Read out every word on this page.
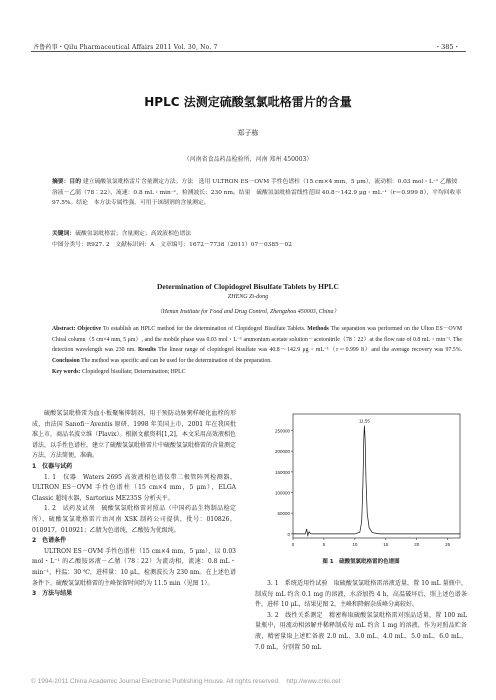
齐鲁药事・Qilu Pharmaceutical Affairs 2011 Vol. 30, No. 7	・385・
HPLC 法测定硫酸氢氯吡格雷片的含量
郑子栋
（河南省食品药品检验所，河南 郑州 450003）
摘要：目的 建立硫酸氢氯吡格雷片含量测定方法。方法　选用 ULTRON ES－OVM 手性色谱柱（15 cm×4 mm，5 μm），流动相：0.03 mol・L⁻¹ 乙酸铵溶液－乙腈（78∶22），流速：0.8 mL・min⁻¹，检测波长：230 nm。结果　硫酸氢氯吡格雷线性范围 40.8～142.9 μg・mL⁻¹（r＝0.999 8），平均回收率 97.5%。结论　本方法专属性强，可用于该制剂的含量测定。
关键词：硫酸氢氯吡格雷；含量测定；高效液相色谱法
中图分类号：R927. 2　文献标识码：A　文章编号：1672－7738（2011）07－0385－02
Determination of Clopidogrel Bisulfate Tablets by HPLC
ZHENG Zi-dong
（Henan Institute for Food and Drug Control, Zhengzhou 450003, China）
Abstract: Objective To establish an HPLC method for the determination of Clopidogrel Bisulfate Tablets. Methods The separation was performed on the Ulton ES－OVM Chiral column（5 cm×4 mm, 5 μm）, and the mobile phase was 0.03 mol・L⁻¹ ammonium acetate solution－acetonitrile（78∶22）at the flow rate of 0.8 mL・min⁻¹. The detection wavelength was 230 nm. Results The linear range of clopidogrel bisulfate was 40.8～142.9 μg・mL⁻¹（r＝0.999 8）and the average recovery was 97.5%. Conclusion The method was specific and can be used for the determination of the preparation.
Key words: Clopidogrel bisulfate; Determination; HPLC

硫酸氢氯吡格雷为血小板聚集抑制剂，用于预防动脉粥样硬化血栓的形成，由法国 Sanofi－Aventis 原研，1998 年美国上市，2001 年在我国批准上市，商品名波立维（Plavix）。根据文献资料[1,2]，本文采用高效液相色谱法，以手性色谱柱，建立了硫酸氢氯吡格雷片中硫酸氢氯吡格雷的含量测定方法，方法简便，准确。

1　仪器与试药

1. 1　仪器　Waters 2695 高效液相色谱仪带二极管阵列检测器，ULTRON ES－OVM 手性色谱柱（15 cm×4 mm，5 μm），ELGA Classic 超纯水器，Sartorius ME235S 分析天平。

1. 2　试药及试剂　硫酸氢氯吡格雷对照品（中国药品生物制品检定所），硫酸氢氯吡格雷片由河南 XSK 制药公司提供，批号：010826，010917，010921；乙腈为色谱纯，乙酸铵为优级纯。

2　色谱条件

ULTRON ES－OVM 手性色谱柱（15 cm×4 mm，5 μm），以 0.03 mol・L⁻¹ 的乙酸铵溶液－乙腈（78∶22）为流动相，流速：0.8 mL・min⁻¹，柱温：30 ℃，进样量：10 μL，检测波长为 230 nm。在上述色谱条件下，硫酸氢氯吡格雷的主峰保留时间约为 11.5 min（见图 1）。

3　方法与结果

0
50000
100000
150000
200000
250000
0	5	10	15	20	25
11.55
图 1　硫酸氢氯吡格雷的色谱图

3. 1　系统适用性试验　取硫酸氢氯吡格雷溶液适量，置 10 mL 量瓶中，制成每 mL 约含 0.1 mg 的溶液，水浴加热 4 h，高温破坏后，照上述色谱条件，进样 10 μL，结果见图 2，主峰和降解杂质峰分离较好。

3. 2　线性关系测定　精密称取硫酸氢氯吡格雷对照品适量，置 100 mL 量瓶中，用流动相溶解并稀释制成每 mL 约含 1 mg 的溶液，作为对照品贮备液，精密量取上述贮备液 2.0 mL、3.0 mL、4.0 mL、5.0 mL、6.0 mL、7.0 mL，分别置 50 mL

© 1994-2011 China Academic Journal Electronic Publishing House. All rights reserved.　http://www.cnki.net
